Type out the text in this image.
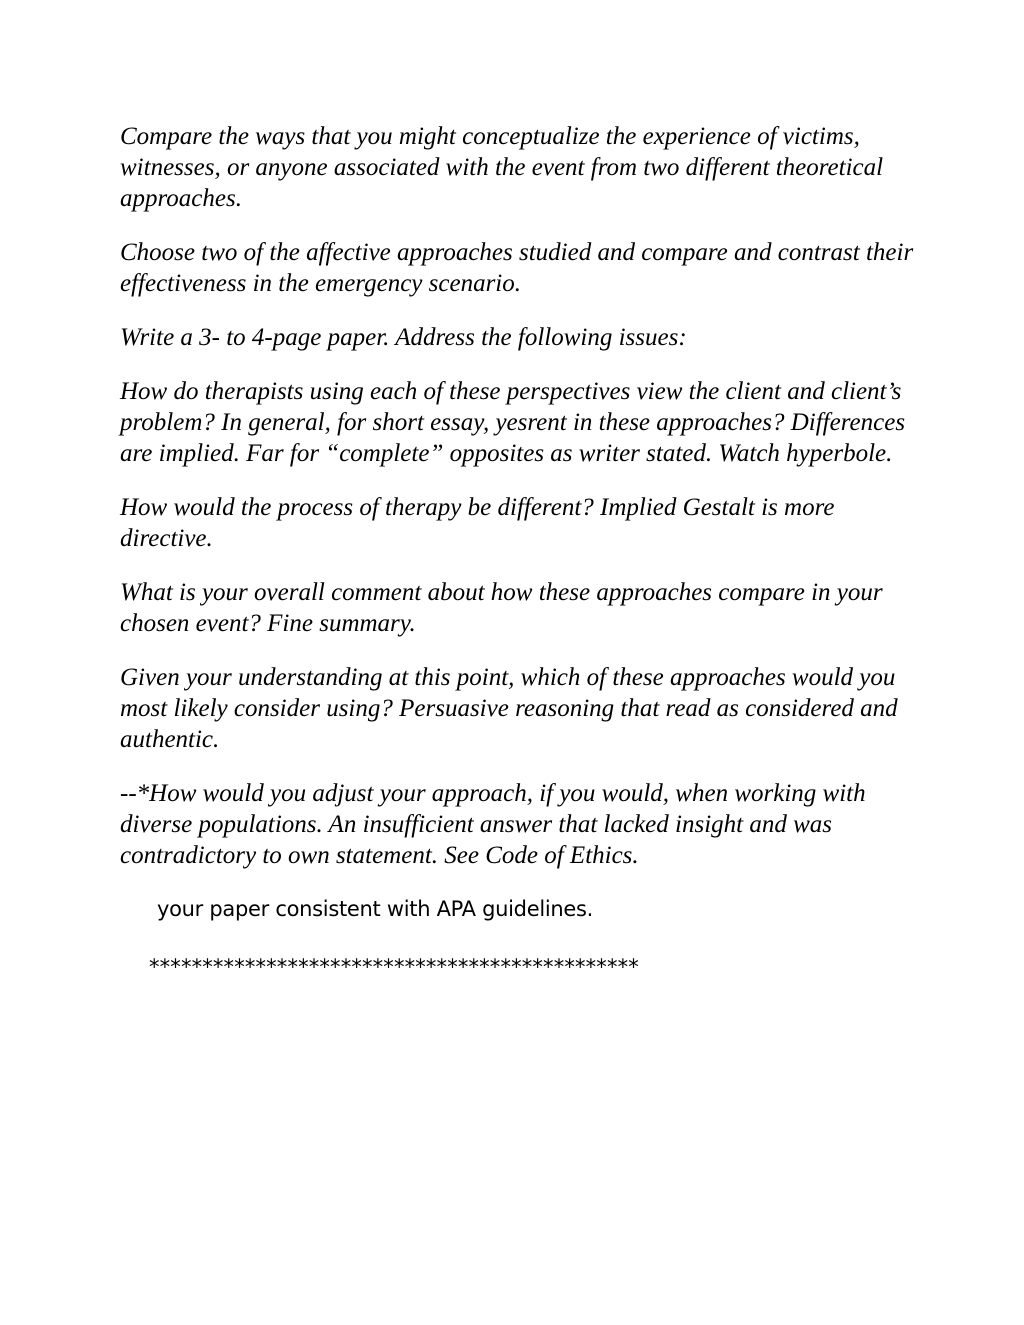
Compare the ways that you might conceptualize the experience of victims, witnesses, or anyone associated with the event from two different theoretical approaches.

Choose two of the affective approaches studied and compare and contrast their effectiveness in the emergency scenario.

Write a 3- to 4-page paper. Address the following issues:

How do therapists using each of these perspectives view the client and client’s problem? In general, for short essay, yesrent in these approaches? Differences are implied. Far for “complete” opposites as writer stated. Watch hyperbole.

How would the process of therapy be different? Implied Gestalt is more directive.

What is your overall comment about how these approaches compare in your chosen event? Fine summary.

Given your understanding at this point, which of these approaches would you most likely consider using? Persuasive reasoning that read as considered and authentic.

--*How would you adjust your approach, if you would, when working with diverse populations. An insufficient answer that lacked insight and was contradictory to own statement. See Code of Ethics.

your paper consistent with APA guidelines.

**********************************************
